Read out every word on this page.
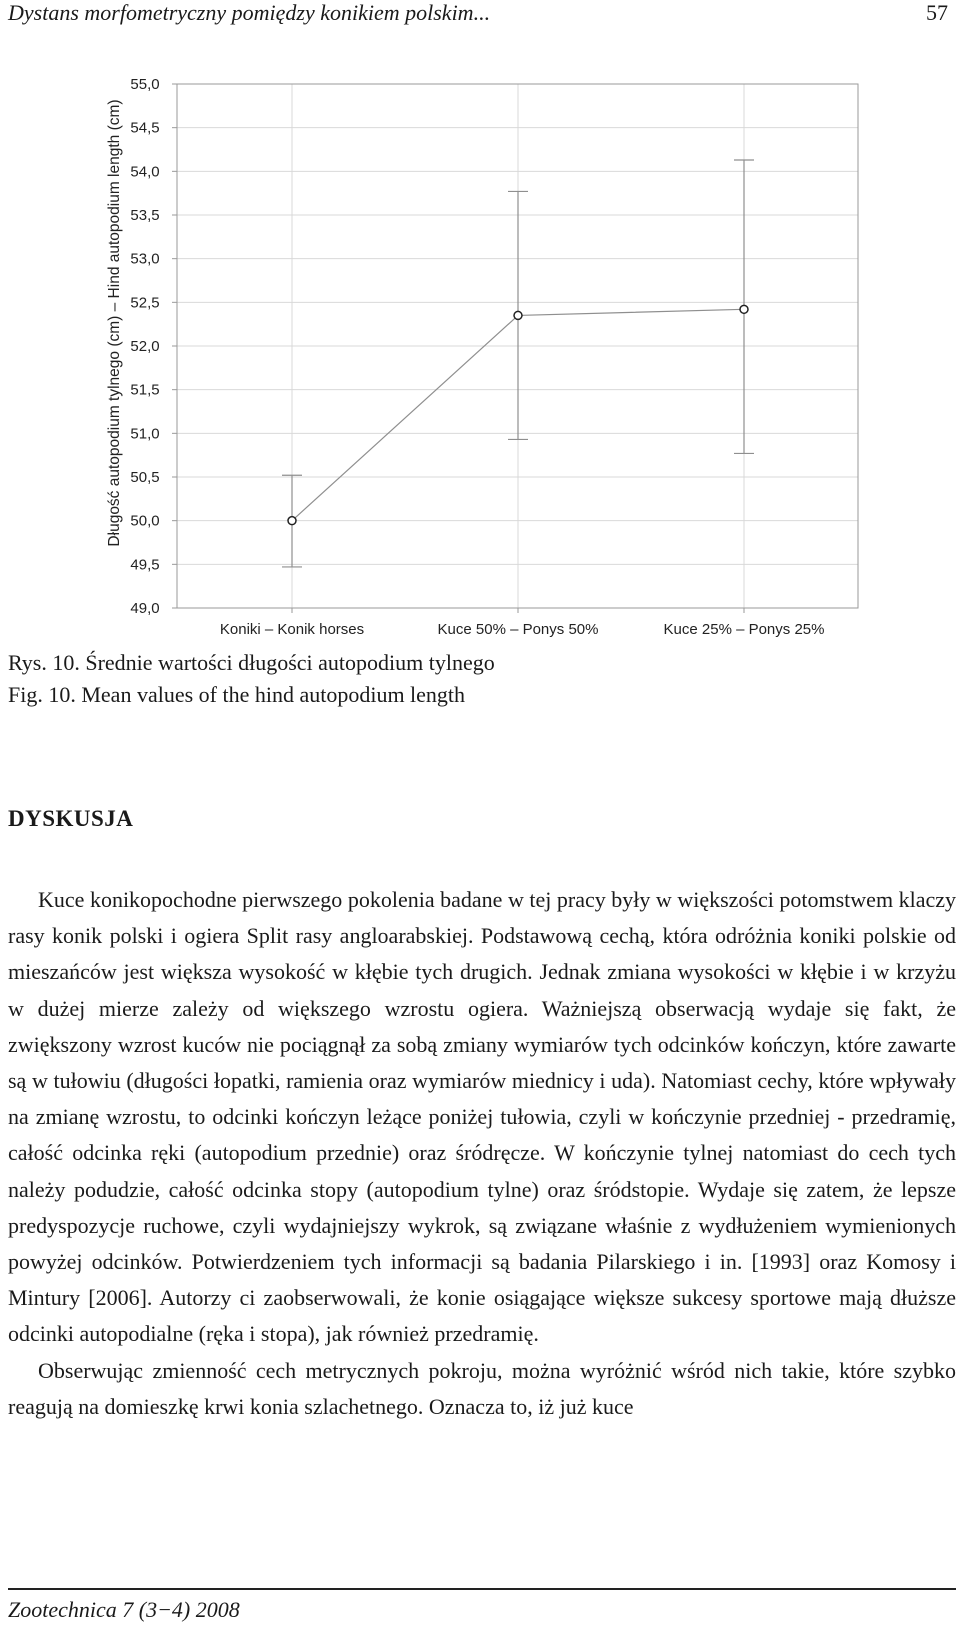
Dystans morfometryczny pomiędzy konikiem polskim...	57
55,0
54,5
54,0
53,5
53,0
52,5
52,0
51,5
51,0
50,5
50,0
49,5
49,0
Koniki – Konik horses	Kuce 50% – Ponys 50%	Kuce 25% – Ponys 25%
Długość autopodium tylnego (cm) – Hind autopodium length (cm)
Rys. 10. Średnie wartości długości autopodium tylnego
Fig. 10. Mean values of the hind autopodium length
DYSKUSJA

Kuce konikopochodne pierwszego pokolenia badane w tej pracy były w większości potomstwem klaczy rasy konik polski i ogiera Split rasy angloarabskiej. Podstawową cechą, która odróżnia koniki polskie od mieszańców jest większa wysokość w kłębie tych drugich. Jednak zmiana wysokości w kłębie i w krzyżu w dużej mierze zależy od większego wzrostu ogiera. Ważniejszą obserwacją wydaje się fakt, że zwiększony wzrost kuców nie pociągnął za sobą zmiany wymiarów tych odcinków kończyn, które zawarte są w tułowiu (długości łopatki, ramienia oraz wymiarów miednicy i uda). Natomiast cechy, które wpływały na zmianę wzrostu, to odcinki kończyn leżące poniżej tułowia, czyli w kończynie przedniej - przedramię, całość odcinka ręki (autopodium przednie) oraz śródręcze. W kończynie tylnej natomiast do cech tych należy podudzie, całość odcinka stopy (autopodium tylne) oraz śródstopie. Wydaje się zatem, że lepsze predyspozycje ruchowe, czyli wydajniejszy wykrok, są związane właśnie z wydłużeniem wymienionych powyżej odcinków. Potwierdzeniem tych informacji są badania Pilarskiego i in. [1993] oraz Komosy i Mintury [2006]. Autorzy ci zaobserwowali, że konie osiągające większe sukcesy sportowe mają dłuższe odcinki autopodialne (ręka i stopa), jak również przedramię.

Obserwując zmienność cech metrycznych pokroju, można wyróżnić wśród nich takie, które szybko reagują na domieszkę krwi konia szlachetnego. Oznacza to, iż już kuce

Zootechnica 7 (3−4) 2008
